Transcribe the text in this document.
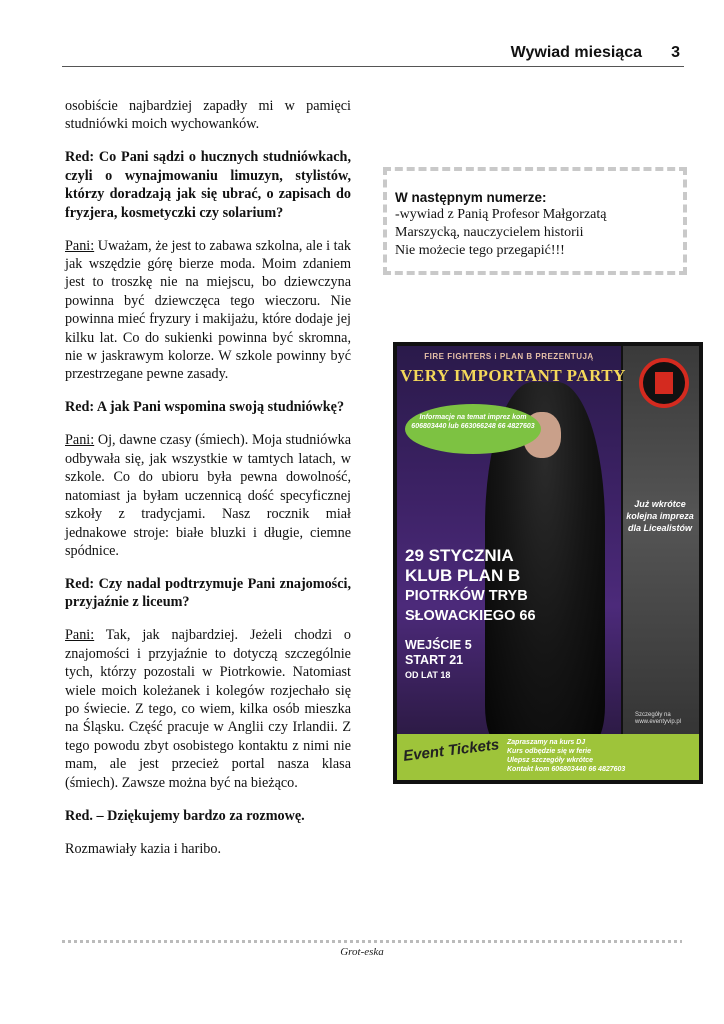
Wywiad miesiąca 3

osobiście najbardziej zapadły mi w pamięci studniówki moich wychowanków.

Red: Co Pani sądzi o hucznych studniówkach, czyli o wynajmowaniu limuzyn, stylistów, którzy doradzają jak się ubrać, o zapisach do fryzjera, kosmetyczki czy solarium?

Pani: Uważam, że jest to zabawa szkolna, ale i tak jak wszędzie górę bierze moda. Moim zdaniem jest to troszkę nie na miejscu, bo dziewczyna powinna być dziewczęca tego wieczoru. Nie powinna mieć fryzury i makijażu, które dodaje jej kilku lat. Co do sukienki powinna być skromna, nie w jaskrawym kolorze. W szkole powinny być przestrzegane pewne zasady.

Red: A jak Pani wspomina swoją studniówkę?

Pani: Oj, dawne czasy (śmiech). Moja studniówka odbywała się, jak wszystkie w tamtych latach, w szkole. Co do ubioru była pewna dowolność, natomiast ja byłam uczennicą dość specyficznej szkoły z tradycjami. Nasz rocznik miał jednakowe stroje: białe bluzki i długie, ciemne spódnice.

Red: Czy nadal podtrzymuje Pani znajomości, przyjaźnie z liceum?

Pani: Tak, jak najbardziej. Jeżeli chodzi o znajomości i przyjaźnie to dotyczą szczególnie tych, którzy pozostali w Piotrkowie. Natomiast wiele moich koleżanek i kolegów rozjechało się po świecie. Z tego, co wiem, kilka osób mieszka na Śląsku. Część pracuje w Anglii czy Irlandii. Z tego powodu zbyt osobistego kontaktu z nimi nie mam, ale jest przecież portal nasza klasa (śmiech). Zawsze można być na bieżąco.

Red. – Dziękujemy bardzo za rozmowę.

Rozmawiały kazia i haribo.

W następnym numerze:
-wywiad z Panią Profesor Małgorzatą
Marszycką, nauczycielem historii
Nie możecie tego przegapić!!!
FIRE FIGHTERS i PLAN B PREZENTUJĄ
VERY IMPORTANT PARTY
Informacje na temat imprez kom 606803440 lub 663066248 66 4827603
Już wkrótce kolejna impreza dla Licealistów
29 STYCZNIA
KLUB PLAN B
PIOTRKÓW TRYB
SŁOWACKIEGO 66
WEJŚCIE 5
START 21
OD LAT 18
Szczegóły na www.eventyvip.pl
Event Tickets Zapraszamy na kurs DJ
Kurs odbędzie się w ferie
Ulepsz szczegóły wkrótce
Kontakt kom 606803440 66 4827603
Grot-eska
